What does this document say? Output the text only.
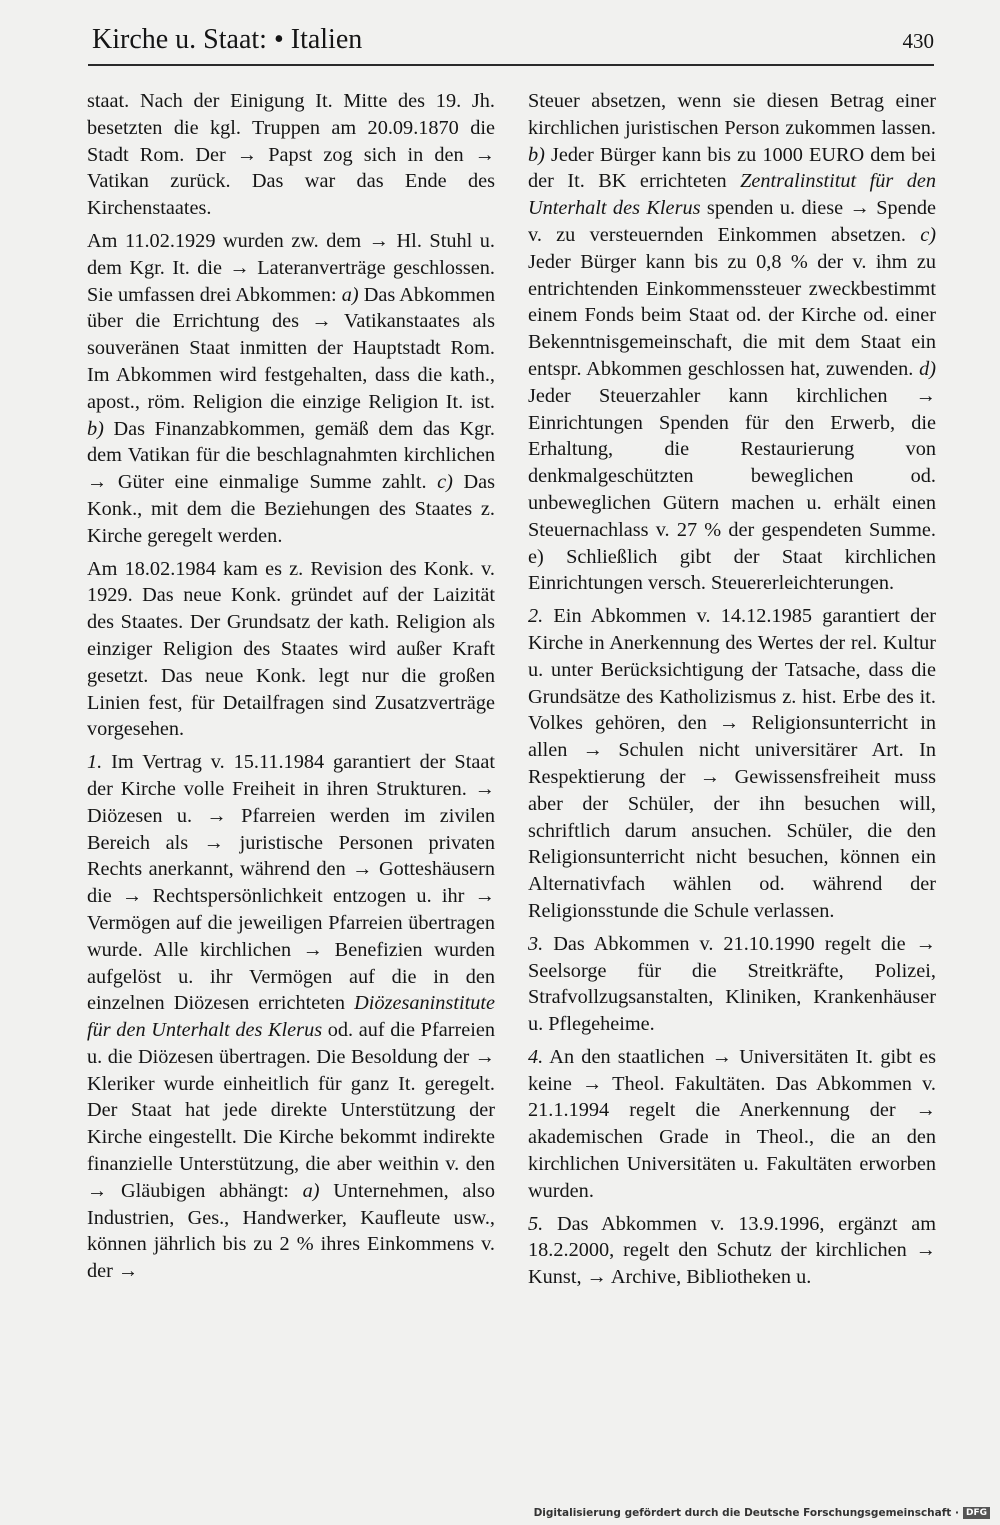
Kirche u. Staat: • Italien	430

staat. Nach der Einigung It. Mitte des 19. Jh. besetzten die kgl. Truppen am 20.09.1870 die Stadt Rom. Der → Papst zog sich in den → Vatikan zurück. Das war das Ende des Kirchenstaates.

Am 11.02.1929 wurden zw. dem → Hl. Stuhl u. dem Kgr. It. die → Lateranverträge geschlossen. Sie umfassen drei Abkommen: a) Das Abkommen über die Errichtung des → Vatikanstaates als souveränen Staat inmitten der Hauptstadt Rom. Im Abkommen wird festgehalten, dass die kath., apost., röm. Religion die einzige Religion It. ist. b) Das Finanzabkommen, gemäß dem das Kgr. dem Vatikan für die beschlagnahmten kirchlichen → Güter eine einmalige Summe zahlt. c) Das Konk., mit dem die Beziehungen des Staates z. Kirche geregelt werden.

Am 18.02.1984 kam es z. Revision des Konk. v. 1929. Das neue Konk. gründet auf der Laizität des Staates. Der Grundsatz der kath. Religion als einziger Religion des Staates wird außer Kraft gesetzt. Das neue Konk. legt nur die großen Linien fest, für Detailfragen sind Zusatzverträge vorgesehen.

1. Im Vertrag v. 15.11.1984 garantiert der Staat der Kirche volle Freiheit in ihren Strukturen. → Diözesen u. → Pfarreien werden im zivilen Bereich als → juristische Personen privaten Rechts anerkannt, während den → Gotteshäusern die → Rechtspersönlichkeit entzogen u. ihr → Vermögen auf die jeweiligen Pfarreien übertragen wurde. Alle kirchlichen → Benefizien wurden aufgelöst u. ihr Vermögen auf die in den einzelnen Diözesen errichteten Diözesaninstitute für den Unterhalt des Klerus od. auf die Pfarreien u. die Diözesen übertragen. Die Besoldung der → Kleriker wurde einheitlich für ganz It. geregelt. Der Staat hat jede direkte Unterstützung der Kirche eingestellt. Die Kirche bekommt indirekte finanzielle Unterstützung, die aber weithin v. den → Gläubigen abhängt: a) Unternehmen, also Industrien, Ges., Handwerker, Kaufleute usw., können jährlich bis zu 2 % ihres Einkommens v. der →

Steuer absetzen, wenn sie diesen Betrag einer kirchlichen juristischen Person zukommen lassen. b) Jeder Bürger kann bis zu 1000 EURO dem bei der It. BK errichteten Zentralinstitut für den Unterhalt des Klerus spenden u. diese → Spende v. zu versteuernden Einkommen absetzen. c) Jeder Bürger kann bis zu 0,8 % der v. ihm zu entrichtenden Einkommenssteuer zweckbestimmt einem Fonds beim Staat od. der Kirche od. einer Bekenntnisgemeinschaft, die mit dem Staat ein entspr. Abkommen geschlossen hat, zuwenden. d) Jeder Steuerzahler kann kirchlichen → Einrichtungen Spenden für den Erwerb, die Erhaltung, die Restaurierung von denkmalgeschützten beweglichen od. unbeweglichen Gütern machen u. erhält einen Steuernachlass v. 27 % der gespendeten Summe. e) Schließlich gibt der Staat kirchlichen Einrichtungen versch. Steuererleichterungen.

2. Ein Abkommen v. 14.12.1985 garantiert der Kirche in Anerkennung des Wertes der rel. Kultur u. unter Berücksichtigung der Tatsache, dass die Grundsätze des Katholizismus z. hist. Erbe des it. Volkes gehören, den → Religionsunterricht in allen → Schulen nicht universitärer Art. In Respektierung der → Gewissensfreiheit muss aber der Schüler, der ihn besuchen will, schriftlich darum ansuchen. Schüler, die den Religionsunterricht nicht besuchen, können ein Alternativfach wählen od. während der Religionsstunde die Schule verlassen.

3. Das Abkommen v. 21.10.1990 regelt die → Seelsorge für die Streitkräfte, Polizei, Strafvollzugsanstalten, Kliniken, Krankenhäuser u. Pflegeheime.

4. An den staatlichen → Universitäten It. gibt es keine → Theol. Fakultäten. Das Abkommen v. 21.1.1994 regelt die Anerkennung der → akademischen Grade in Theol., die an den kirchlichen Universitäten u. Fakultäten erworben wurden.

5. Das Abkommen v. 13.9.1996, ergänzt am 18.2.2000, regelt den Schutz der kirchlichen → Kunst, → Archive, Bibliotheken u.

Digitalisierung gefördert durch die Deutsche Forschungsgemeinschaft · DFG
